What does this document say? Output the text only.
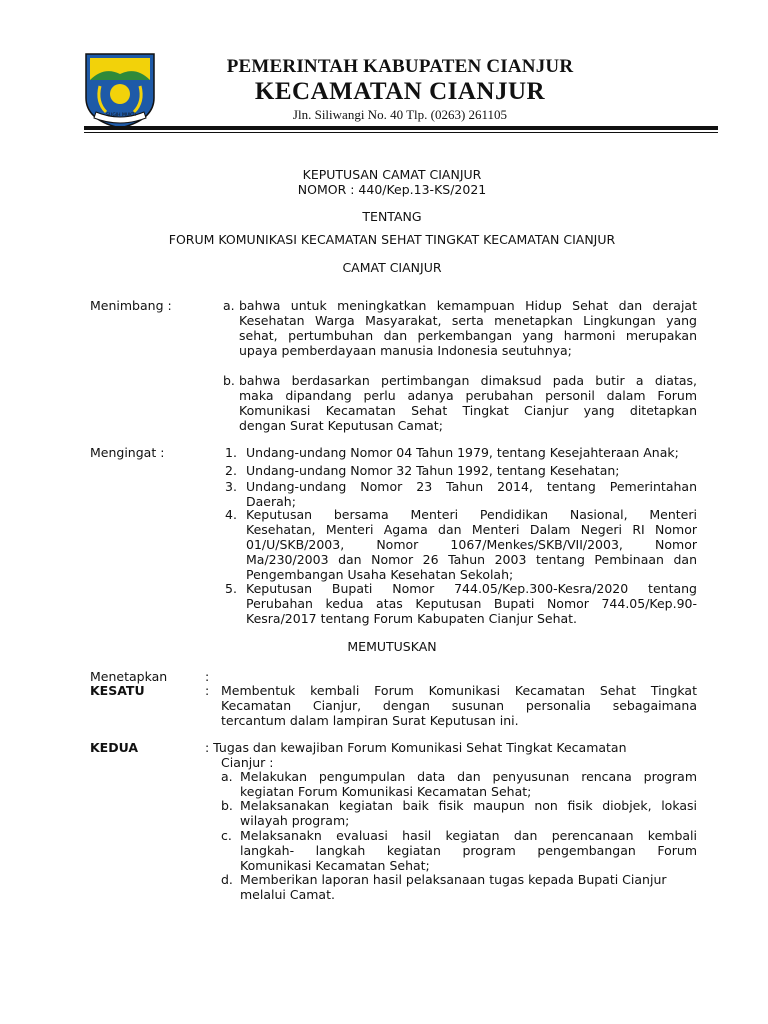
SUGIH MUKTI
PEMERINTAH KABUPATEN CIANJUR
KECAMATAN CIANJUR
Jln. Siliwangi No. 40 Tlp. (0263) 261105
KEPUTUSAN CAMAT CIANJUR
NOMOR : 440/Kep.13-KS/2021
TENTANG
FORUM KOMUNIKASI KECAMATAN SEHAT TINGKAT KECAMATAN CIANJUR
CAMAT CIANJUR
Menimbang :	a. bahwa untuk meningkatkan kemampuan Hidup Sehat dan derajat
Kesehatan Warga Masyarakat, serta menetapkan Lingkungan yang
sehat, pertumbuhan dan perkembangan yang harmoni merupakan
upaya pemberdayaan manusia Indonesia seutuhnya;
b. bahwa berdasarkan pertimbangan dimaksud pada butir a diatas,
maka dipandang perlu adanya perubahan personil dalam Forum
Komunikasi Kecamatan Sehat Tingkat Cianjur yang ditetapkan
dengan Surat Keputusan Camat;
Mengingat :	1. Undang-undang Nomor 04 Tahun 1979, tentang Kesejahteraan Anak;
2. Undang-undang Nomor 32 Tahun 1992, tentang Kesehatan;
3. Undang-undang Nomor 23 Tahun 2014, tentang Pemerintahan
Daerah;
4. Keputusan bersama Menteri Pendidikan Nasional, Menteri
Kesehatan, Menteri Agama dan Menteri Dalam Negeri RI Nomor
01/U/SKB/2003, Nomor 1067/Menkes/SKB/VII/2003, Nomor
Ma/230/2003 dan Nomor 26 Tahun 2003 tentang Pembinaan dan
Pengembangan Usaha Kesehatan Sekolah;
5. Keputusan Bupati Nomor 744.05/Kep.300-Kesra/2020 tentang
Perubahan kedua atas Keputusan Bupati Nomor 744.05/Kep.90-
Kesra/2017 tentang Forum Kabupaten Cianjur Sehat.
MEMUTUSKAN
Menetapkan	:
KESATU	: Membentuk kembali Forum Komunikasi Kecamatan Sehat Tingkat
Kecamatan Cianjur, dengan susunan personalia sebagaimana
tercantum dalam lampiran Surat Keputusan ini.
KEDUA	: Tugas dan kewajiban Forum Komunikasi Sehat Tingkat Kecamatan
Cianjur :
a. Melakukan pengumpulan data dan penyusunan rencana program
kegiatan Forum Komunikasi Kecamatan Sehat;
b. Melaksanakan kegiatan baik fisik maupun non fisik diobjek, lokasi
wilayah program;
c. Melaksanakn evaluasi hasil kegiatan dan perencanaan kembali
langkah- langkah kegiatan program pengembangan Forum
Komunikasi Kecamatan Sehat;
d. Memberikan laporan hasil pelaksanaan tugas kepada Bupati Cianjur
melalui Camat.
